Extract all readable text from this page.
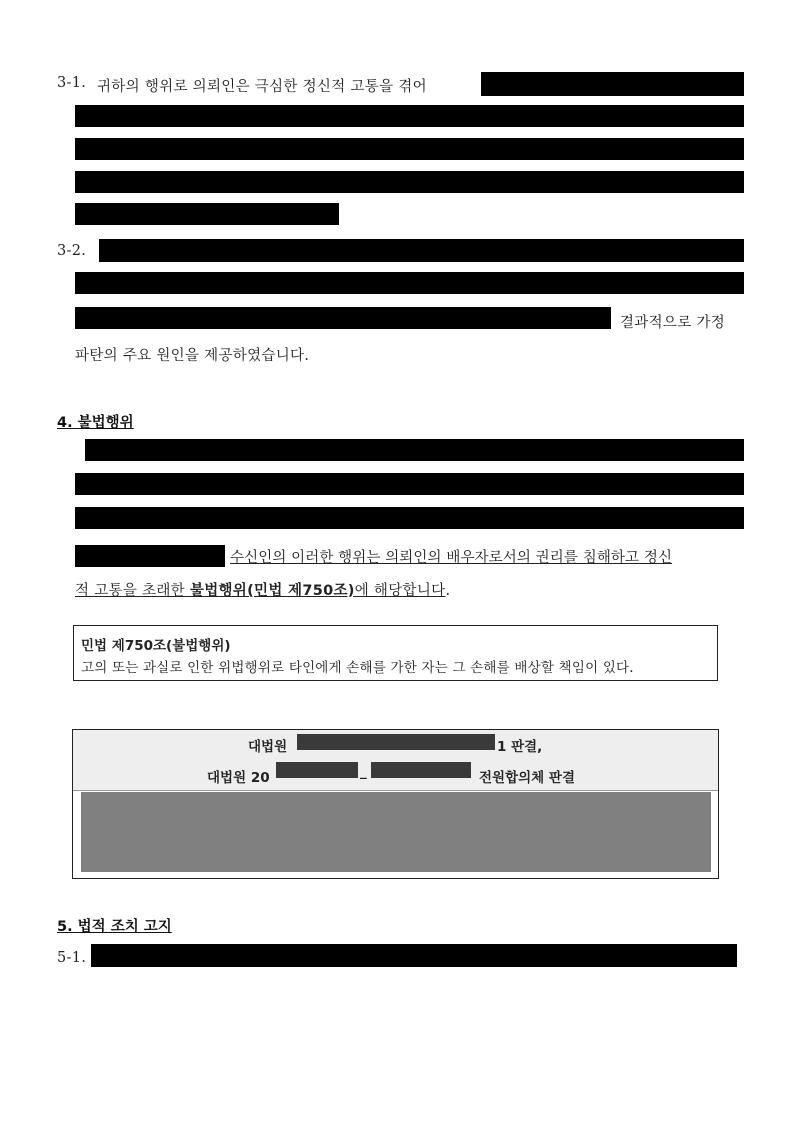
3-1. 귀하의 행위로 의뢰인은 극심한 정신적 고통을 겪어
3-2.
결과적으로 가정
파탄의 주요 원인을 제공하였습니다.
4. 불법행위
수신인의 이러한 행위는 의뢰인의 배우자로서의 권리를 침해하고 정신
적 고통을 초래한 불법행위(민법 제750조)에 해당합니다.
민법 제750조(불법행위)
고의 또는 과실로 인한 위법행위로 타인에게 손해를 가한 자는 그 손해를 배상할 책임이 있다.
대법원	1 판결,
대법원 20	_	전원합의체 판결
5. 법적 조치 고지
5-1.
